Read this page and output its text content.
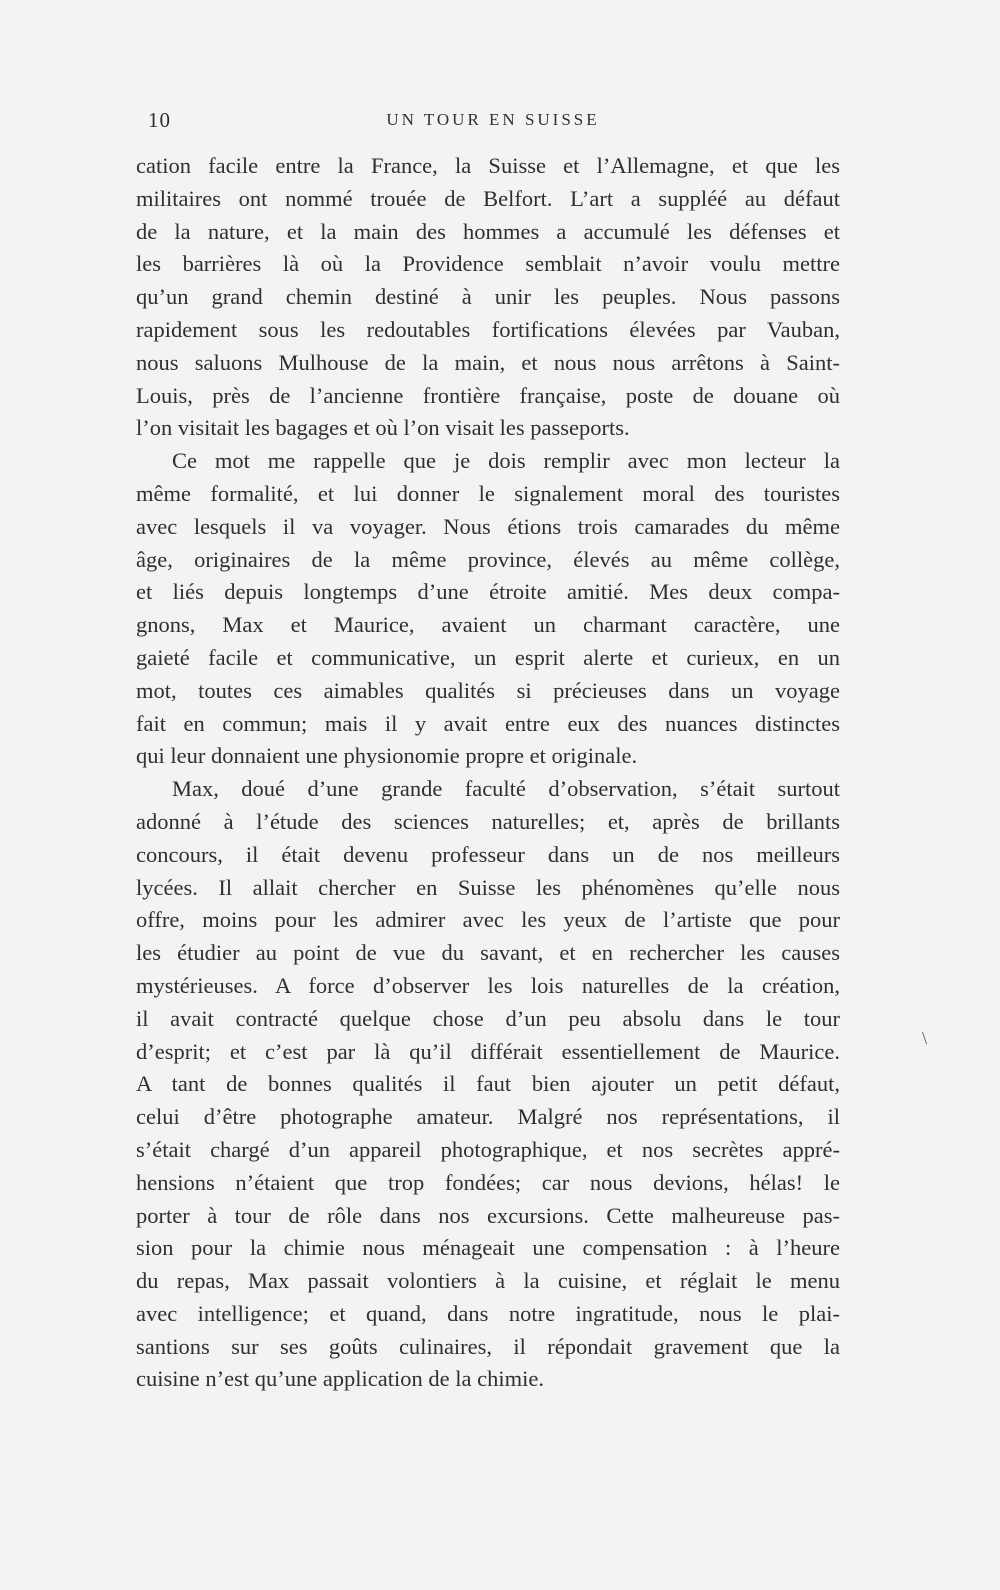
10	UN TOUR EN SUISSE
cation facile entre la France, la Suisse et l’Allemagne, et que les
militaires ont nommé trouée de Belfort. L’art a suppléé au défaut
de la nature, et la main des hommes a accumulé les défenses et
les barrières là où la Providence semblait n’avoir voulu mettre
qu’un grand chemin destiné à unir les peuples. Nous passons
rapidement sous les redoutables fortifications élevées par Vauban,
nous saluons Mulhouse de la main, et nous nous arrêtons à Saint-
Louis, près de l’ancienne frontière française, poste de douane où
l’on visitait les bagages et où l’on visait les passeports.
Ce mot me rappelle que je dois remplir avec mon lecteur la
même formalité, et lui donner le signalement moral des touristes
avec lesquels il va voyager. Nous étions trois camarades du même
âge, originaires de la même province, élevés au même collège,
et liés depuis longtemps d’une étroite amitié. Mes deux compa-
gnons, Max et Maurice, avaient un charmant caractère, une
gaieté facile et communicative, un esprit alerte et curieux, en un
mot, toutes ces aimables qualités si précieuses dans un voyage
fait en commun; mais il y avait entre eux des nuances distinctes
qui leur donnaient une physionomie propre et originale.
Max, doué d’une grande faculté d’observation, s’était surtout
adonné à l’étude des sciences naturelles; et, après de brillants
concours, il était devenu professeur dans un de nos meilleurs
lycées. Il allait chercher en Suisse les phénomènes qu’elle nous
offre, moins pour les admirer avec les yeux de l’artiste que pour
les étudier au point de vue du savant, et en rechercher les causes
mystérieuses. A force d’observer les lois naturelles de la création,
il avait contracté quelque chose d’un peu absolu dans le tour
d’esprit; et c’est par là qu’il différait essentiellement de Maurice.
A tant de bonnes qualités il faut bien ajouter un petit défaut,
celui d’être photographe amateur. Malgré nos représentations, il
s’était chargé d’un appareil photographique, et nos secrètes appré-
hensions n’étaient que trop fondées; car nous devions, hélas! le
porter à tour de rôle dans nos excursions. Cette malheureuse pas-
sion pour la chimie nous ménageait une compensation : à l’heure
du repas, Max passait volontiers à la cuisine, et réglait le menu
avec intelligence; et quand, dans notre ingratitude, nous le plai-
santions sur ses goûts culinaires, il répondait gravement que la
cuisine n’est qu’une application de la chimie.
\
